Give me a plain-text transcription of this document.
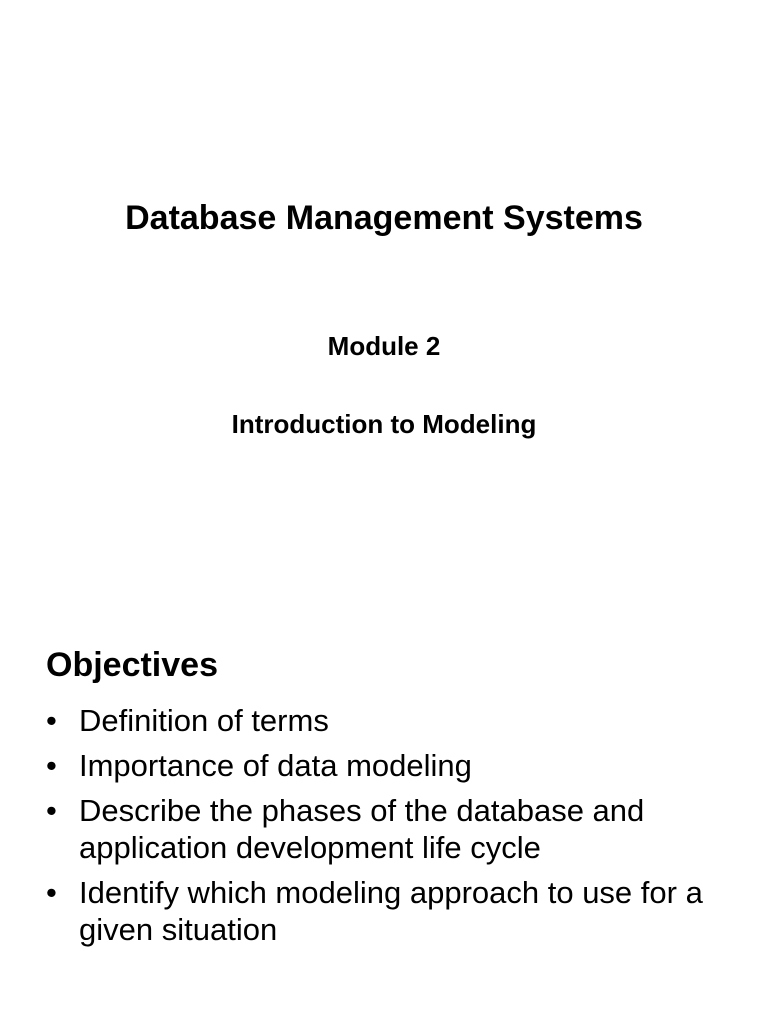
Database Management Systems
Module 2
Introduction to Modeling
Objectives
• Definition of terms
• Importance of data modeling
• Describe the phases of the database and application development life cycle
• Identify which modeling approach to use for a given situation
